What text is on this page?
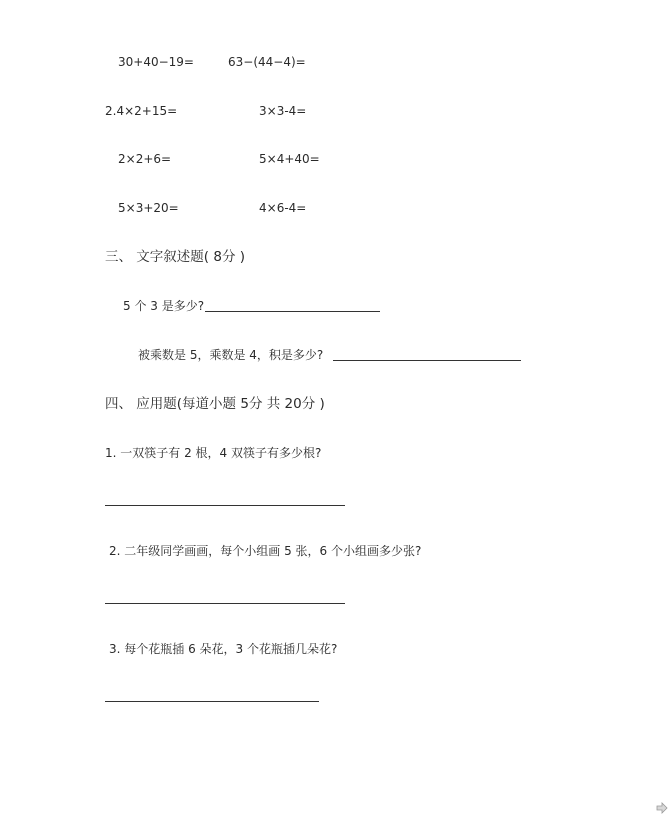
30+40−19=	63−(44−4)=
2.4×2+15=	3×3-4=
2×2+6=	5×4+40=
5×3+20=	4×6-4=
三、 文字叙述题( 8分 )
5 个 3 是多少?
被乘数是 5，乘数是 4，积是多少?
四、 应用题(每道小题 5分 共 20分 )
1. 一双筷子有 2 根，4 双筷子有多少根?
2. 二年级同学画画，每个小组画 5 张，6 个小组画多少张?
3. 每个花瓶插 6 朵花，3 个花瓶插几朵花?
